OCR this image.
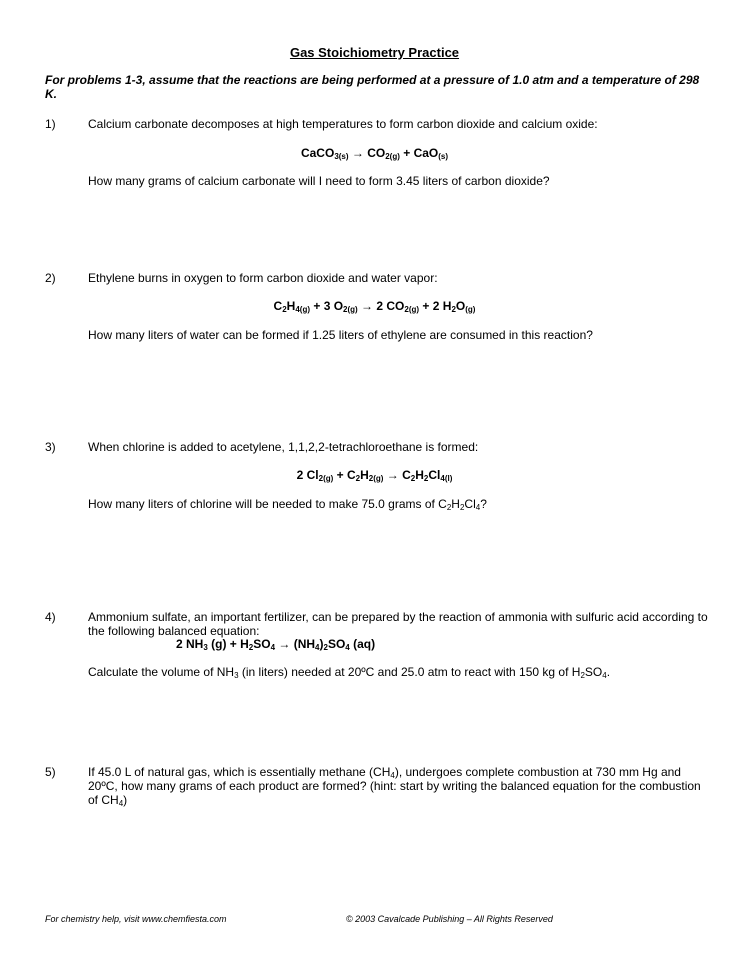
Gas Stoichiometry Practice
For problems 1-3, assume that the reactions are being performed at a pressure of 1.0 atm and a temperature of 298 K.
1)	Calcium carbonate decomposes at high temperatures to form carbon dioxide and calcium oxide:
CaCO$_{3(s)}$ → $CO_{2(g)} + CaO_{(s)}$
How many grams of calcium carbonate will I need to form 3.45 liters of carbon dioxide?
2)	Ethylene burns in oxygen to form carbon dioxide and water vapor:
$C_2H_{4(g)} + 3$ $O_{2(g)} \to 2$ $CO_{2(g)} + 2$ $H_2O_{(g)}$
How many liters of water can be formed if 1.25 liters of ethylene are consumed in this reaction?
3)	When chlorine is added to acetylene, 1,1,2,2-tetrachloroethane is formed:
2 $Cl_{2(g)} + C_2H_{2(g)} \to C_2H_2Cl_{4(l)}$
How many liters of chlorine will be needed to make 75.0 grams of $C_2H_2Cl_4$?
4)	Ammonium sulfate, an important fertilizer, can be prepared by the reaction of ammonia with sulfuric acid according to the following balanced equation:
2 $NH_3$ $(g) + H_2SO_4 \to (NH_4)_2SO_4$ (aq)
Calculate the volume of $NH_3$ (in liters) needed at 20ºC and 25.0 atm to react with 150 kg of $H_2SO_4$.
5)	If 45.0 L of natural gas, which is essentially methane $(CH_4)$, undergoes complete combustion at 730 mm Hg and 20ºC, how many grams of each product are formed? (hint: start by writing the balanced equation for the combustion of $CH_4$)
For chemistry help, visit www.chemfiesta.com	© 2003 Cavalcade Publishing – All Rights Reserved
